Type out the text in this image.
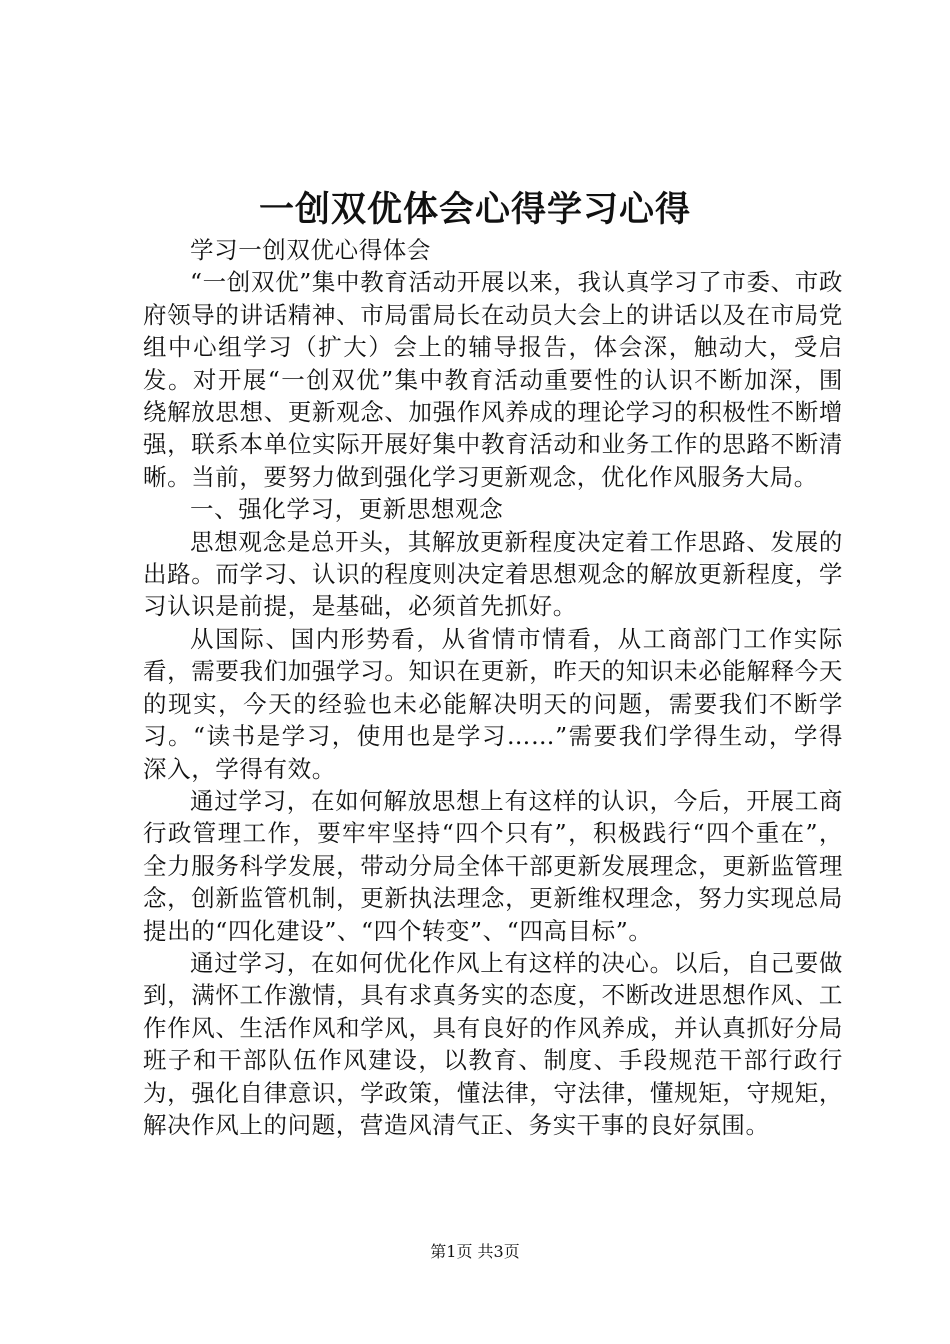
一创双优体会心得学习心得

学习一创双优心得体会

“一创双优”集中教育活动开展以来，我认真学习了市委、市政府领导的讲话精神、市局雷局长在动员大会上的讲话以及在市局党组中心组学习（扩大）会上的辅导报告，体会深，触动大，受启发。对开展“一创双优”集中教育活动重要性的认识不断加深，围绕解放思想、更新观念、加强作风养成的理论学习的积极性不断增强，联系本单位实际开展好集中教育活动和业务工作的思路不断清晰。当前，要努力做到强化学习更新观念，优化作风服务大局。

一、强化学习，更新思想观念

思想观念是总开头，其解放更新程度决定着工作思路、发展的出路。而学习、认识的程度则决定着思想观念的解放更新程度，学习认识是前提，是基础，必须首先抓好。

从国际、国内形势看，从省情市情看，从工商部门工作实际看，需要我们加强学习。知识在更新，昨天的知识未必能解释今天的现实，今天的经验也未必能解决明天的问题，需要我们不断学习。“读书是学习，使用也是学习……”需要我们学得生动，学得深入，学得有效。

通过学习，在如何解放思想上有这样的认识，今后，开展工商行政管理工作，要牢牢坚持“四个只有”，积极践行“四个重在”，全力服务科学发展，带动分局全体干部更新发展理念，更新监管理念，创新监管机制，更新执法理念，更新维权理念，努力实现总局提出的“四化建设”、“四个转变”、“四高目标”。

通过学习，在如何优化作风上有这样的决心。以后，自己要做到，满怀工作激情，具有求真务实的态度，不断改进思想作风、工作作风、生活作风和学风，具有良好的作风养成，并认真抓好分局班子和干部队伍作风建设，以教育、制度、手段规范干部行政行为，强化自律意识，学政策，懂法律，守法律，懂规矩，守规矩，解决作风上的问题，营造风清气正、务实干事的良好氛围。

第1页 共3页
